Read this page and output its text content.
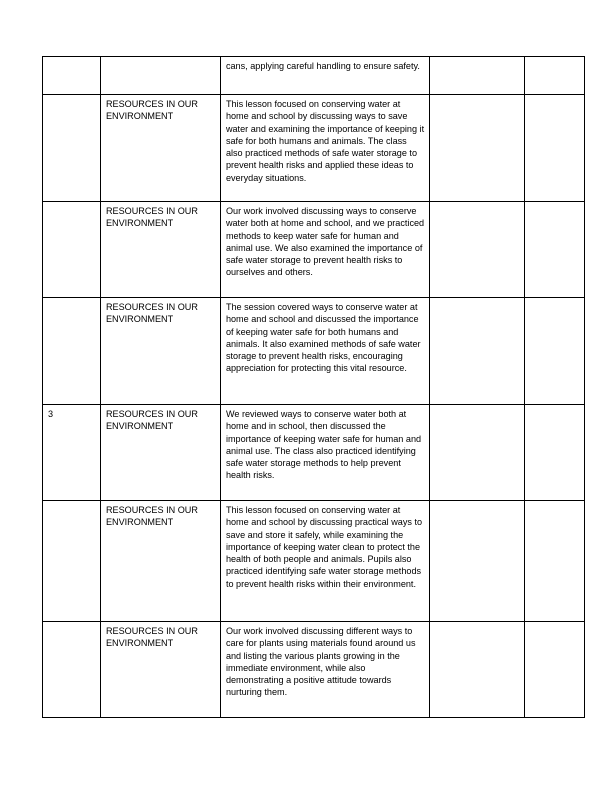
		cans, applying careful handling to ensure safety.		
	RESOURCES IN OUR ENVIRONMENT	This lesson focused on conserving water at home and school by discussing ways to save water and examining the importance of keeping it safe for both humans and animals. The class also practiced methods of safe water storage to prevent health risks and applied these ideas to everyday situations.		
	RESOURCES IN OUR ENVIRONMENT	Our work involved discussing ways to conserve water both at home and school, and we practiced methods to keep water safe for human and animal use. We also examined the importance of safe water storage to prevent health risks to ourselves and others.		
	RESOURCES IN OUR ENVIRONMENT	The session covered ways to conserve water at home and school and discussed the importance of keeping water safe for both humans and animals. It also examined methods of safe water storage to prevent health risks, encouraging appreciation for protecting this vital resource.		
3	RESOURCES IN OUR ENVIRONMENT	We reviewed ways to conserve water both at home and in school, then discussed the importance of keeping water safe for human and animal use. The class also practiced identifying safe water storage methods to help prevent health risks.		
	RESOURCES IN OUR ENVIRONMENT	This lesson focused on conserving water at home and school by discussing practical ways to save and store it safely, while examining the importance of keeping water clean to protect the health of both people and animals. Pupils also practiced identifying safe water storage methods to prevent health risks within their environment.		
	RESOURCES IN OUR ENVIRONMENT	Our work involved discussing different ways to care for plants using materials found around us and listing the various plants growing in the immediate environment, while also demonstrating a positive attitude towards nurturing them.		
